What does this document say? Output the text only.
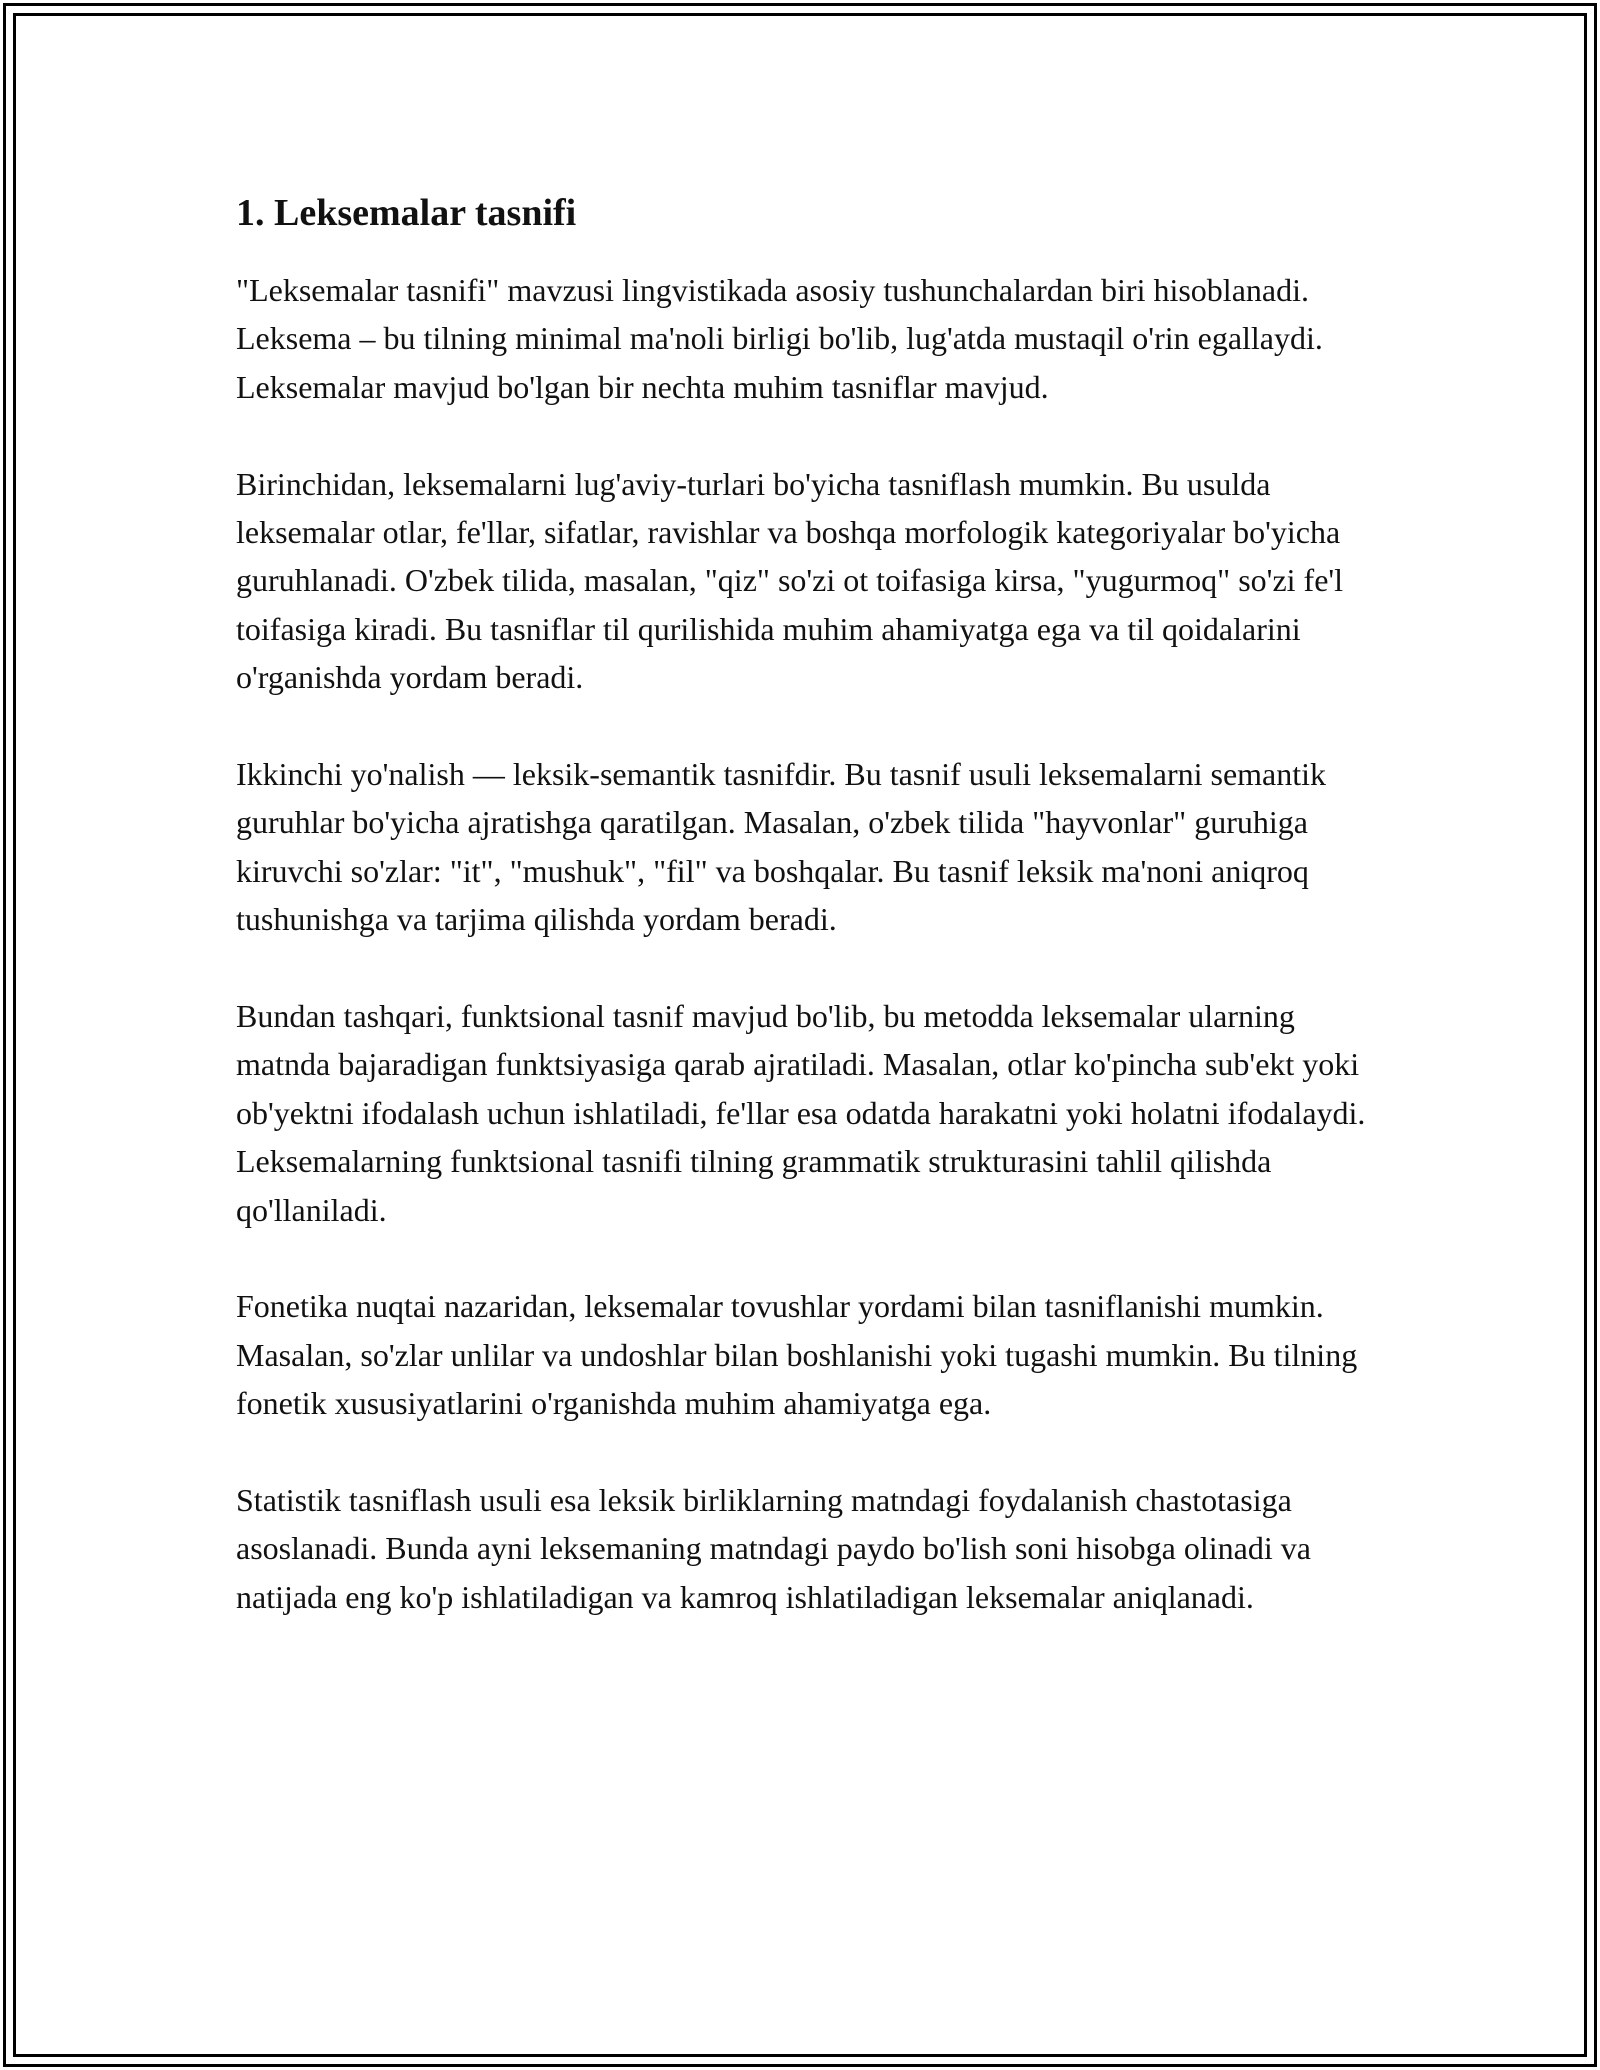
1. Leksemalar tasnifi

"Leksemalar tasnifi" mavzusi lingvistikada asosiy tushunchalardan biri hisoblanadi. Leksema – bu tilning minimal ma'noli birligi bo'lib, lug'atda mustaqil o'rin egallaydi. Leksemalar mavjud bo'lgan bir nechta muhim tasniflar mavjud.

Birinchidan, leksemalarni lug'aviy-turlari bo'yicha tasniflash mumkin. Bu usulda leksemalar otlar, fe'llar, sifatlar, ravishlar va boshqa morfologik kategoriyalar bo'yicha guruhlanadi. O'zbek tilida, masalan, "qiz" so'zi ot toifasiga kirsa, "yugurmoq" so'zi fe'l toifasiga kiradi. Bu tasniflar til qurilishida muhim ahamiyatga ega va til qoidalarini o'rganishda yordam beradi.

Ikkinchi yo'nalish — leksik-semantik tasnifdir. Bu tasnif usuli leksemalarni semantik guruhlar bo'yicha ajratishga qaratilgan. Masalan, o'zbek tilida "hayvonlar" guruhiga kiruvchi so'zlar: "it", "mushuk", "fil" va boshqalar. Bu tasnif leksik ma'noni aniqroq tushunishga va tarjima qilishda yordam beradi.

Bundan tashqari, funktsional tasnif mavjud bo'lib, bu metodda leksemalar ularning matnda bajaradigan funktsiyasiga qarab ajratiladi. Masalan, otlar ko'pincha sub'ekt yoki ob'yektni ifodalash uchun ishlatiladi, fe'llar esa odatda harakatni yoki holatni ifodalaydi. Leksemalarning funktsional tasnifi tilning grammatik strukturasini tahlil qilishda qo'llaniladi.

Fonetika nuqtai nazaridan, leksemalar tovushlar yordami bilan tasniflanishi mumkin. Masalan, so'zlar unlilar va undoshlar bilan boshlanishi yoki tugashi mumkin. Bu tilning fonetik xususiyatlarini o'rganishda muhim ahamiyatga ega.

Statistik tasniflash usuli esa leksik birliklarning matndagi foydalanish chastotasiga asoslanadi. Bunda ayni leksemaning matndagi paydo bo'lish soni hisobga olinadi va natijada eng ko'p ishlatiladigan va kamroq ishlatiladigan leksemalar aniqlanadi.
